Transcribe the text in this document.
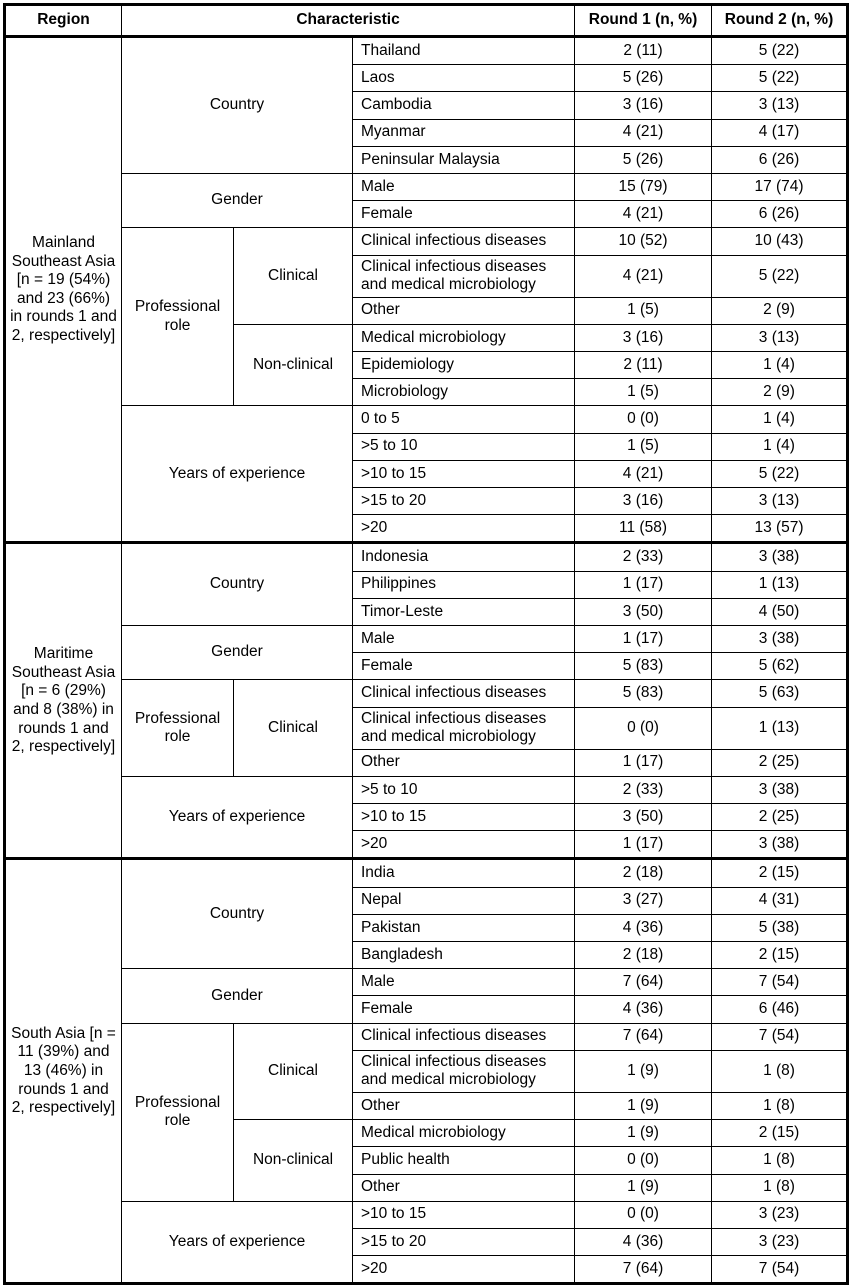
Region	Characteristic			Round 1 (n, %)	Round 2 (n, %)
Mainland Southeast Asia [n = 19 (54%) and 23 (66%) in rounds 1 and 2, respectively]	Country		Thailand	2 (11)	5 (22)
			Laos	5 (26)	5 (22)
			Cambodia	3 (16)	3 (13)
			Myanmar	4 (21)	4 (17)
			Peninsular Malaysia	5 (26)	6 (26)
	Gender		Male	15 (79)	17 (74)
			Female	4 (21)	6 (26)
	Professional role	Clinical	Clinical infectious diseases	10 (52)	10 (43)
			Clinical infectious diseases and medical microbiology	4 (21)	5 (22)
			Other	1 (5)	2 (9)
		Non-clinical	Medical microbiology	3 (16)	3 (13)
			Epidemiology	2 (11)	1 (4)
			Microbiology	1 (5)	2 (9)
	Years of experience		0 to 5	0 (0)	1 (4)
			>5 to 10	1 (5)	1 (4)
			>10 to 15	4 (21)	5 (22)
			>15 to 20	3 (16)	3 (13)
			>20	11 (58)	13 (57)
Maritime Southeast Asia [n = 6 (29%) and 8 (38%) in rounds 1 and 2, respectively]	Country		Indonesia	2 (33)	3 (38)
			Philippines	1 (17)	1 (13)
			Timor-Leste	3 (50)	4 (50)
	Gender		Male	1 (17)	3 (38)
			Female	5 (83)	5 (62)
	Professional role	Clinical	Clinical infectious diseases	5 (83)	5 (63)
			Clinical infectious diseases and medical microbiology	0 (0)	1 (13)
			Other	1 (17)	2 (25)
	Years of experience		>5 to 10	2 (33)	3 (38)
			>10 to 15	3 (50)	2 (25)
			>20	1 (17)	3 (38)
South Asia [n = 11 (39%) and 13 (46%) in rounds 1 and 2, respectively]	Country		India	2 (18)	2 (15)
			Nepal	3 (27)	4 (31)
			Pakistan	4 (36)	5 (38)
			Bangladesh	2 (18)	2 (15)
	Gender		Male	7 (64)	7 (54)
			Female	4 (36)	6 (46)
	Professional role	Clinical	Clinical infectious diseases	7 (64)	7 (54)
			Clinical infectious diseases and medical microbiology	1 (9)	1 (8)
			Other	1 (9)	1 (8)
		Non-clinical	Medical microbiology	1 (9)	2 (15)
			Public health	0 (0)	1 (8)
			Other	1 (9)	1 (8)
	Years of experience		>10 to 15	0 (0)	3 (23)
			>15 to 20	4 (36)	3 (23)
			>20	7 (64)	7 (54)
